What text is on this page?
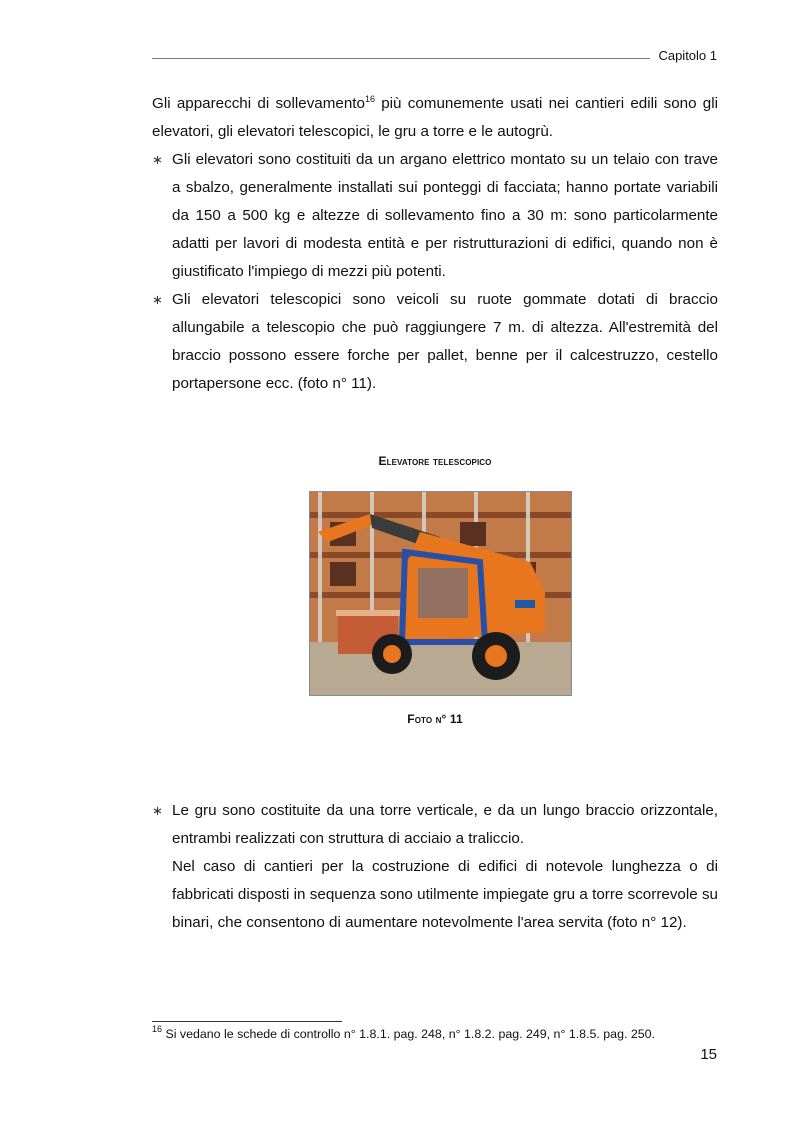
Capitolo 1

Gli apparecchi di sollevamento$^{16}$ più comunemente usati nei cantieri edili sono gli elevatori, gli elevatori telescopici, le gru a torre e le autogrù.

∗ Gli elevatori sono costituiti da un argano elettrico montato su un telaio con trave a sbalzo, generalmente installati sui ponteggi di facciata; hanno portate variabili da 150 a 500 kg e altezze di sollevamento fino a 30 m: sono particolarmente adatti per lavori di modesta entità e per ristrutturazioni di edifici, quando non è giustificato l'impiego di mezzi più potenti.
∗ Gli elevatori telescopici sono veicoli su ruote gommate dotati di braccio allungabile a telescopio che può raggiungere 7 m. di altezza. All'estremità del braccio possono essere forche per pallet, benne per il calcestruzzo, cestello portapersone ecc. (foto n° 11).
Elevatore telescopico
Foto n° 11
∗ Le gru sono costituite da una torre verticale, e da un lungo braccio orizzontale, entrambi realizzati con struttura di acciaio a traliccio.

Nel caso di cantieri per la costruzione di edifici di notevole lunghezza o di fabbricati disposti in sequenza sono utilmente impiegate gru a torre scorrevole su binari, che consentono di aumentare notevolmente l'area servita (foto n° 12).

$^{16}$ Si vedano le schede di controllo n° 1.8.1. pag. 248, n° 1.8.2. pag. 249, n° 1.8.5. pag. 250.
15
